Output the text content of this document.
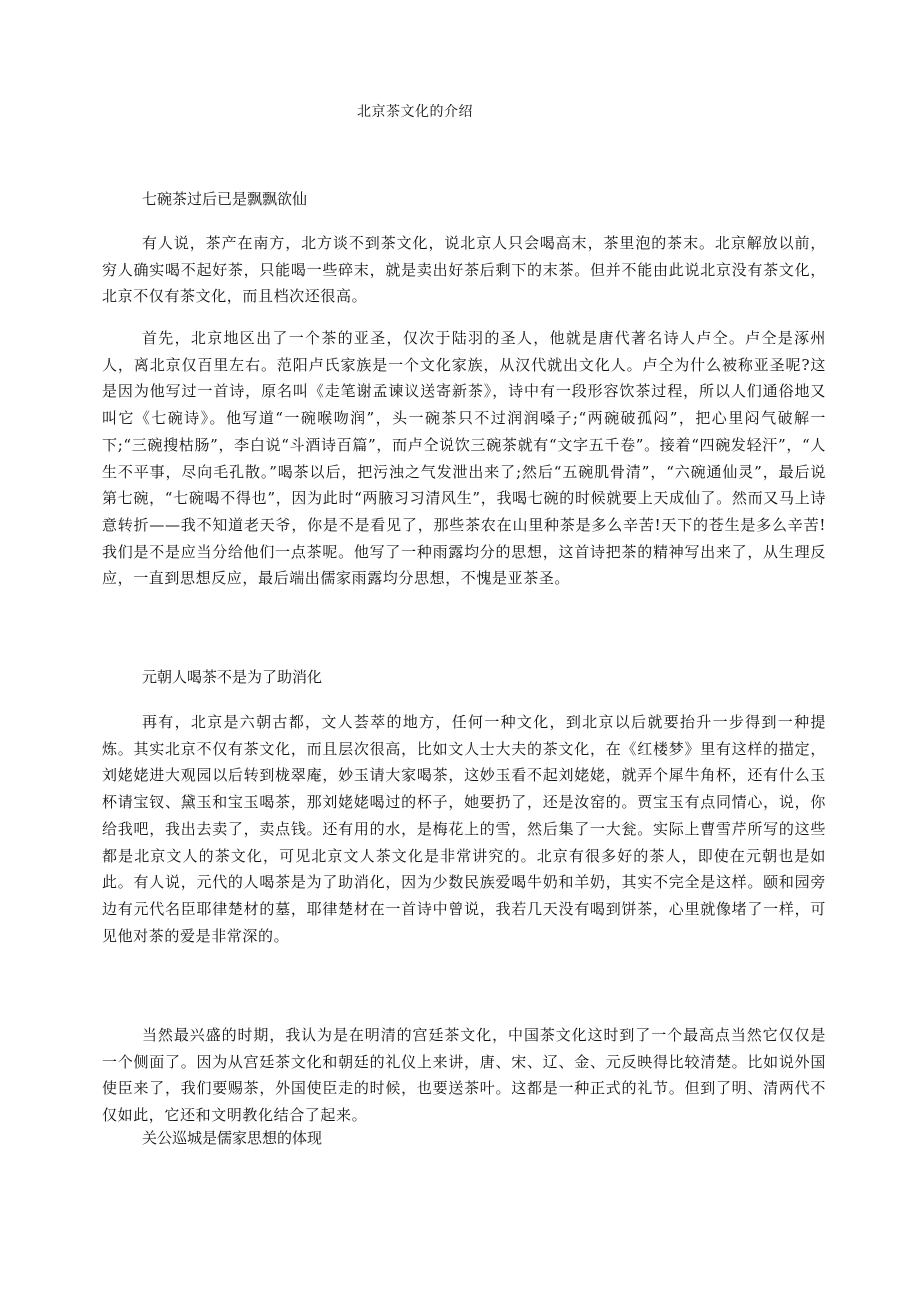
北京茶文化的介绍

七碗茶过后已是飘飘欲仙

有人说，茶产在南方，北方谈不到茶文化，说北京人只会喝高末，茶里泡的茶末。北京解放以前，穷人确实喝不起好茶，只能喝一些碎末，就是卖出好茶后剩下的末茶。但并不能由此说北京没有茶文化，北京不仅有茶文化，而且档次还很高。

首先，北京地区出了一个茶的亚圣，仅次于陆羽的圣人，他就是唐代著名诗人卢仝。卢仝是涿州人，离北京仅百里左右。范阳卢氏家族是一个文化家族，从汉代就出文化人。卢仝为什么被称亚圣呢?这是因为他写过一首诗，原名叫《走笔谢孟谏议送寄新茶》，诗中有一段形容饮茶过程，所以人们通俗地又叫它《七碗诗》。他写道“一碗喉吻润”，头一碗茶只不过润润嗓子;“两碗破孤闷”，把心里闷气破解一下;“三碗搜枯肠”，李白说“斗酒诗百篇”，而卢仝说饮三碗茶就有“文字五千卷”。接着“四碗发轻汗”，“人生不平事，尽向毛孔散。”喝茶以后，把污浊之气发泄出来了;然后“五碗肌骨清”，“六碗通仙灵”，最后说第七碗，“七碗喝不得也”，因为此时“两腋习习清风生”，我喝七碗的时候就要上天成仙了。然而又马上诗意转折——我不知道老天爷，你是不是看见了，那些茶农在山里种茶是多么辛苦!天下的苍生是多么辛苦!我们是不是应当分给他们一点茶呢。他写了一种雨露均分的思想，这首诗把茶的精神写出来了，从生理反应，一直到思想反应，最后端出儒家雨露均分思想，不愧是亚茶圣。

元朝人喝茶不是为了助消化

再有，北京是六朝古都，文人荟萃的地方，任何一种文化，到北京以后就要抬升一步得到一种提炼。其实北京不仅有茶文化，而且层次很高，比如文人士大夫的茶文化，在《红楼梦》里有这样的描定，刘姥姥进大观园以后转到栊翠庵，妙玉请大家喝茶，这妙玉看不起刘姥姥，就弄个犀牛角杯，还有什么玉杯请宝钗、黛玉和宝玉喝茶，那刘姥姥喝过的杯子，她要扔了，还是汝窑的。贾宝玉有点同情心，说，你给我吧，我出去卖了，卖点钱。还有用的水，是梅花上的雪，然后集了一大瓮。实际上曹雪芹所写的这些都是北京文人的茶文化，可见北京文人茶文化是非常讲究的。北京有很多好的茶人，即使在元朝也是如此。有人说，元代的人喝茶是为了助消化，因为少数民族爱喝牛奶和羊奶，其实不完全是这样。颐和园旁边有元代名臣耶律楚材的墓，耶律楚材在一首诗中曾说，我若几天没有喝到饼茶，心里就像堵了一样，可见他对茶的爱是非常深的。

当然最兴盛的时期，我认为是在明清的宫廷茶文化，中国茶文化这时到了一个最高点当然它仅仅是一个侧面了。因为从宫廷茶文化和朝廷的礼仪上来讲，唐、宋、辽、金、元反映得比较清楚。比如说外国使臣来了，我们要赐茶，外国使臣走的时候，也要送茶叶。这都是一种正式的礼节。但到了明、清两代不仅如此，它还和文明教化结合了起来。

关公巡城是儒家思想的体现
